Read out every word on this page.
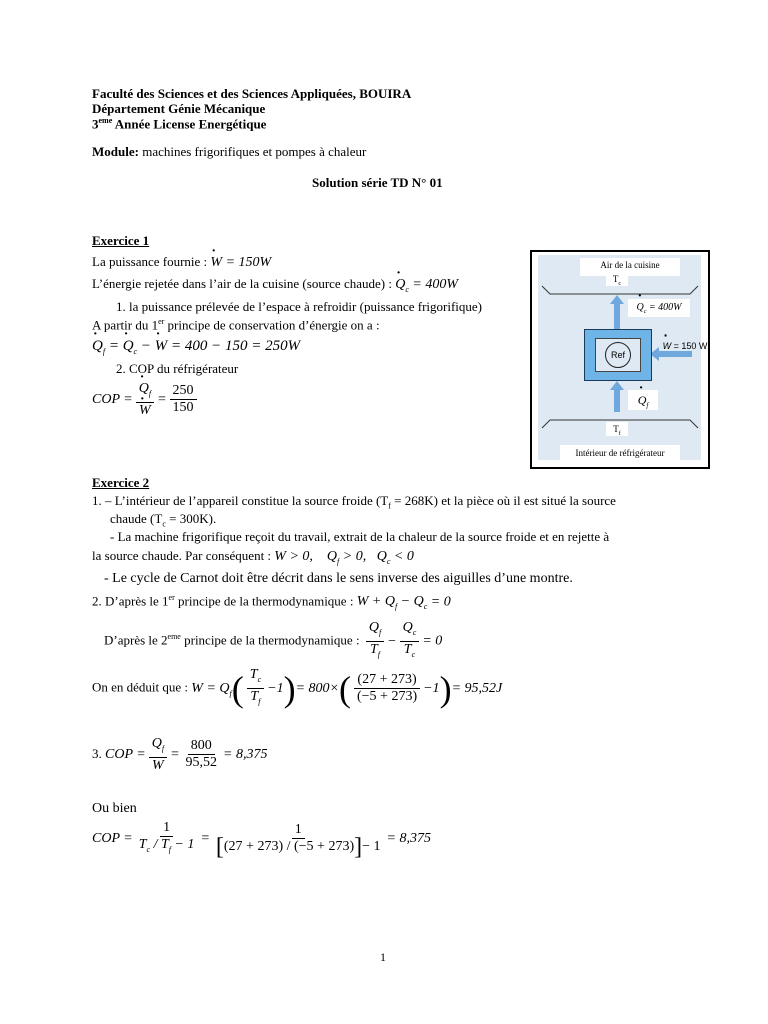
Faculté des Sciences et des Sciences Appliquées, BOUIRA
Département Génie Mécanique
3eme Année License Energétique
Module: machines frigorifiques et pompes à chaleur
Solution série TD N° 01
Exercice 1
La puissance fournie : · W = 150W
L’énergie rejetée dans l’air de la cuisine (source chaude) : · $Q_c = 400W$
1. la puissance prélevée de l’espace à refroidir (puissance frigorifique)
A partir du 1er principe de conservation d’énergie on a :
· $Q_f$ = · $Q_c$ − · W = 400 − 150 = 250W
2. COP du réfrigérateur
COP =
· $Q_f$
· $W = \frac{250}{150}$
Air de la cuisine
$T_c$
· $Q_c = 400W$
· W = 150 W
Ref
· $Q_f$
$T_f$
Intérieur de réfrigérateur
Exercice 2
1. – L’intérieur de l’appareil constitue la source froide $(T_f = 268K)$ et la pièce où il est situé la source
chaude $(T_c = 300K)$.
- La machine frigorifique reçoit du travail, extrait de la chaleur de la source froide et en rejette à
la source chaude. Par conséquent : W > 0,    $Q_f > 0$,   $Q_c < 0$
- Le cycle de Carnot doit être décrit dans le sens inverse des aiguilles d’une montre.
2. D’après le 1er principe de la thermodynamique : $W + Q_f - Q_c = 0$
D’après le 2eme principe de la thermodynamique : $\frac{Q_f}{T_f} - \frac{Q_c}{T_c} = 0$
On en déduit que : $W = Q_f( \frac{T_c}{T_f} -1)= 800\times( \frac{(27 + 273)}{(-5 + 273)} -1)= 95,52J$
3. COP = $\frac{Q_f}{W} = \frac{800}{95,52} = 8,375$
Ou bien
COP = $\frac{1}{T_c / T_f - 1} = \frac{1}{[(27 + 273) / (-5 + 273)]- 1} = 8,375$
1
